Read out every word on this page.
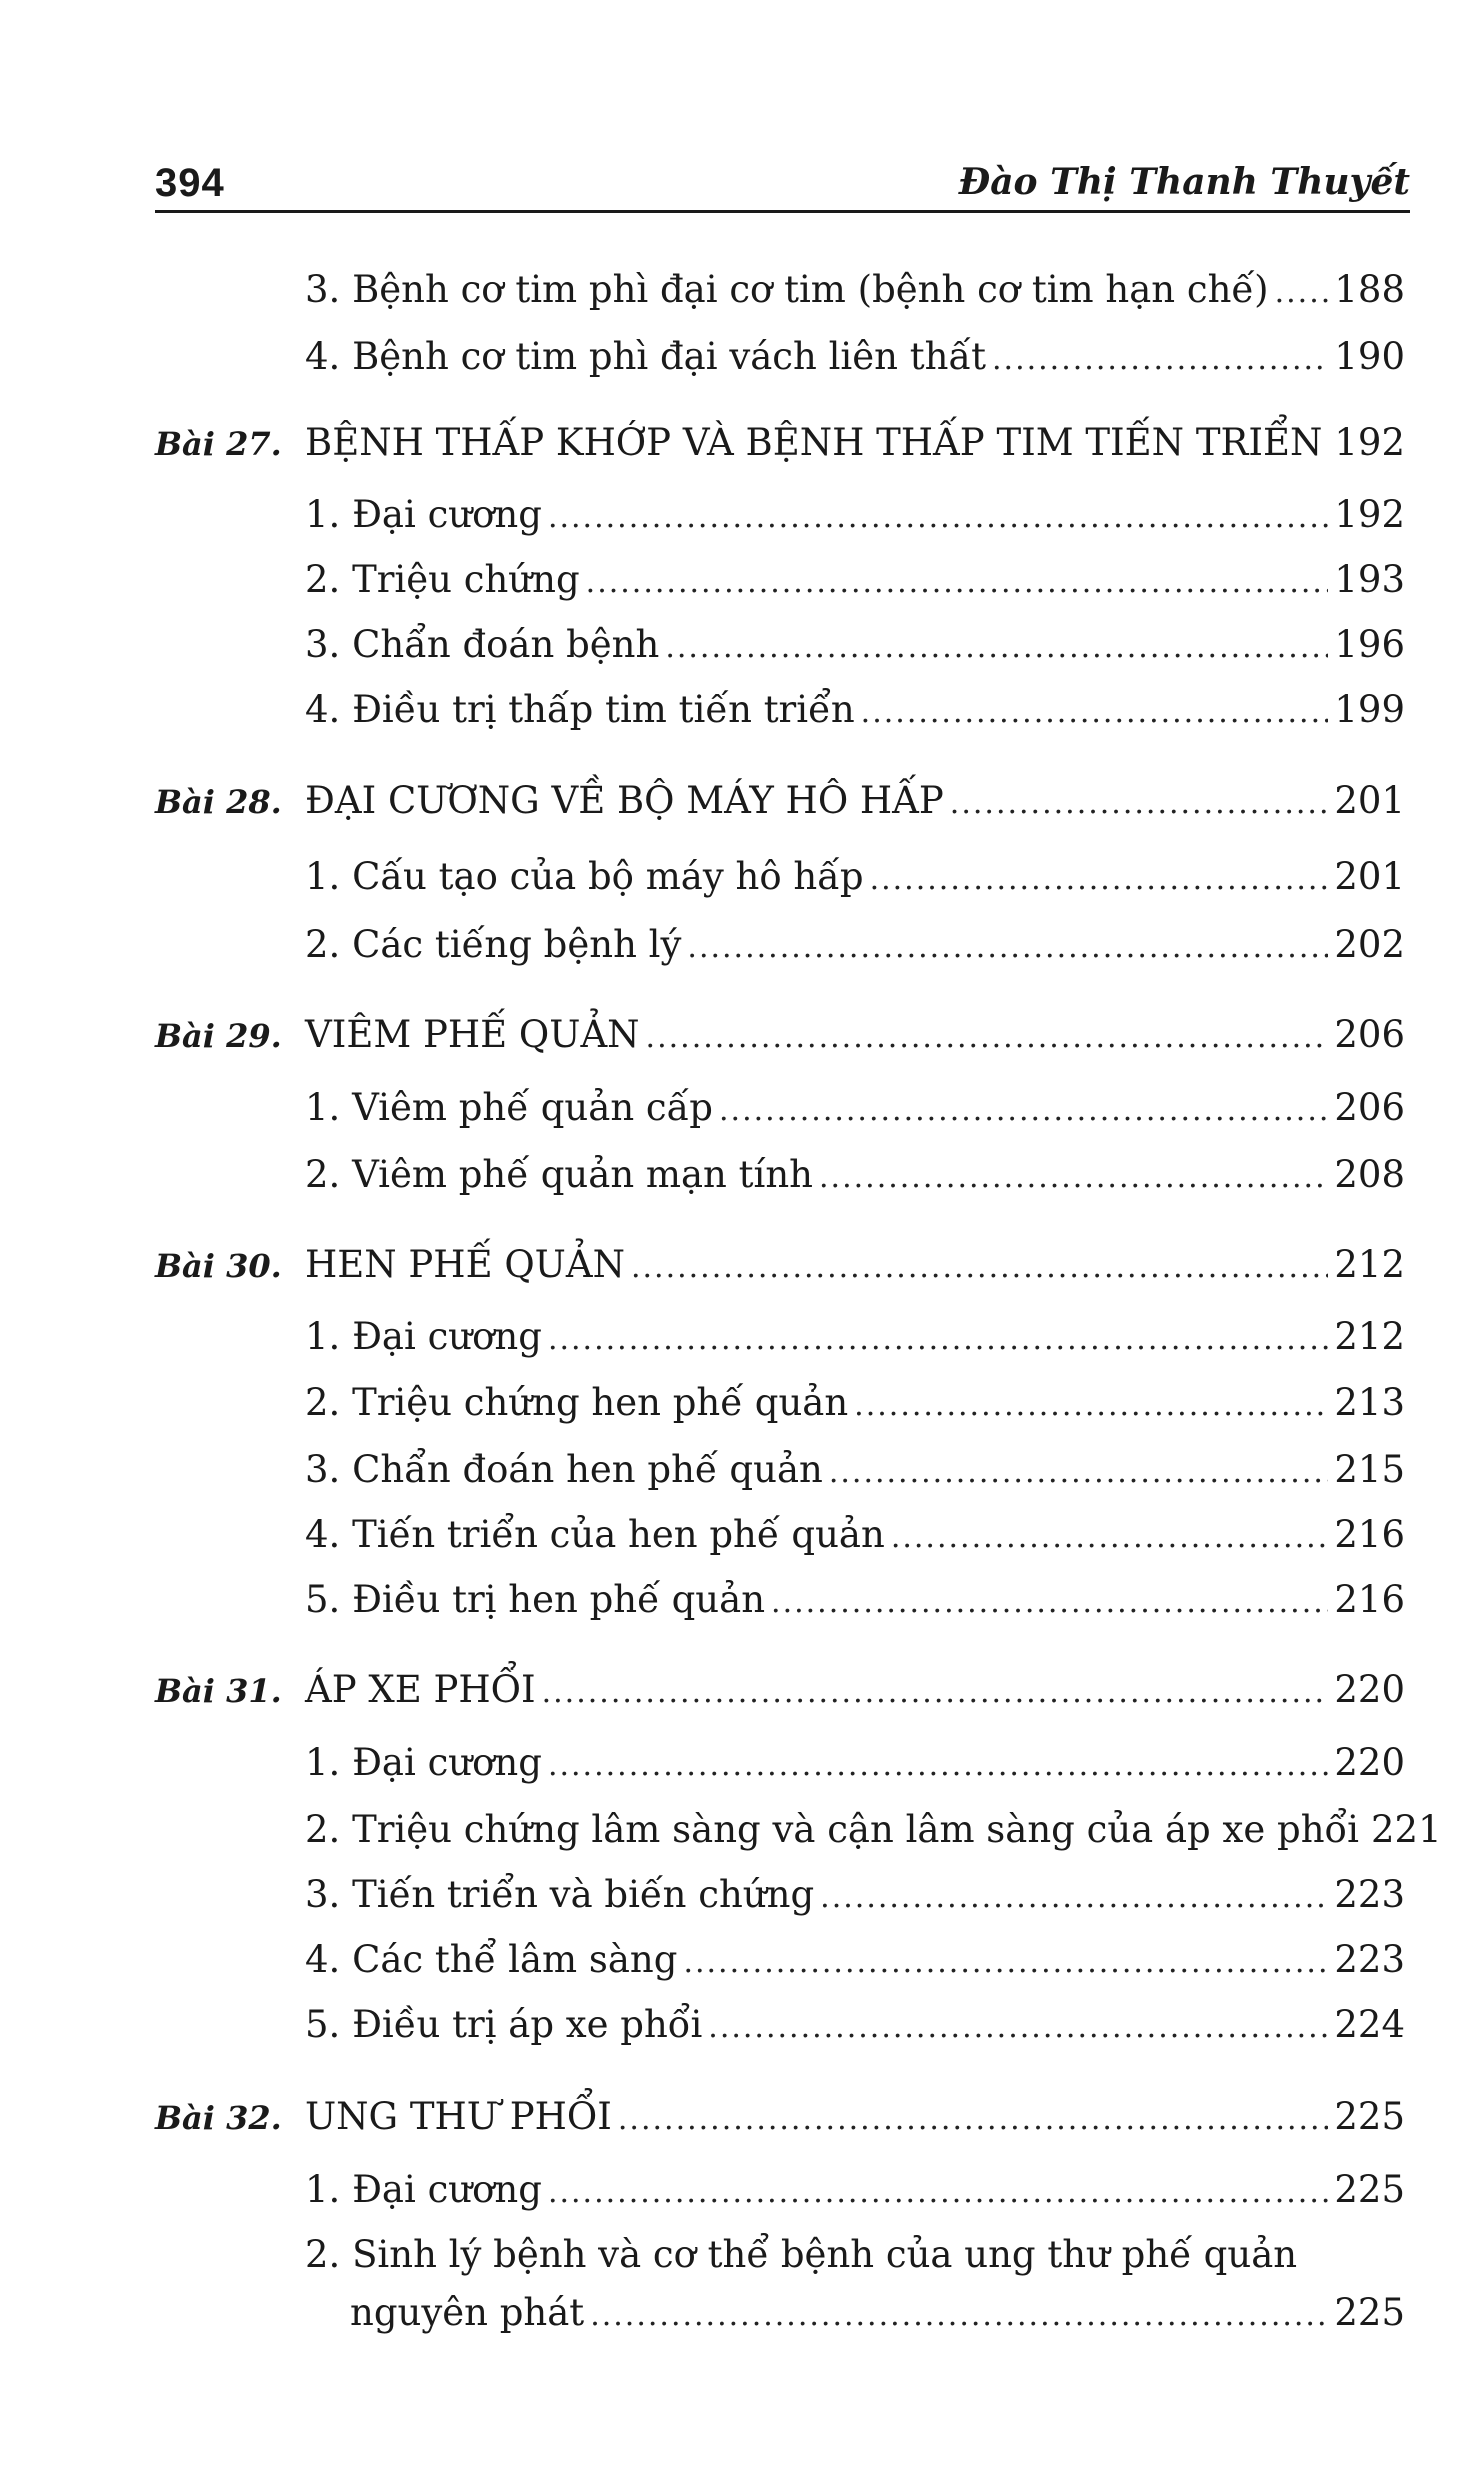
394	Đào Thị Thanh Thuyết
3. Bệnh cơ tim phì đại cơ tim (bệnh cơ tim hạn chế) ..... 188
4. Bệnh cơ tim phì đại vách liên thất .....	190
Bài 27. BỆNH THẤP KHỚP VÀ BỆNH THẤP TIM TIẾN TRIỂN ..... 192
1. Đại cương .....	192
2. Triệu chứng .....	193
3. Chẩn đoán bệnh .....	196
4. Điều trị thấp tim tiến triển .....	199
Bài 28. ĐẠI CƯƠNG VỀ BỘ MÁY HÔ HẤP .....	201
1. Cấu tạo của bộ máy hô hấp .....	201
2. Các tiếng bệnh lý .....	202
Bài 29. VIÊM PHẾ QUẢN .....	206
1. Viêm phế quản cấp .....	206
2. Viêm phế quản mạn tính .....	208
Bài 30. HEN PHẾ QUẢN .....	212
1. Đại cương .....	212
2. Triệu chứng hen phế quản .....	213
3. Chẩn đoán hen phế quản .....	215
4. Tiến triển của hen phế quản .....	216
5. Điều trị hen phế quản .....	216
Bài 31. ÁP XE PHỔI .....	220
1. Đại cương .....	220
2. Triệu chứng lâm sàng và cận lâm sàng của áp xe phổi 221
3. Tiến triển và biến chứng .....	223
4. Các thể lâm sàng .....	223
5. Điều trị áp xe phổi .....	224
Bài 32. UNG THƯ PHỔI .....	225
1. Đại cương .....	225
2. Sinh lý bệnh và cơ thể bệnh của ung thư phế quản
nguyên phát .....	225
